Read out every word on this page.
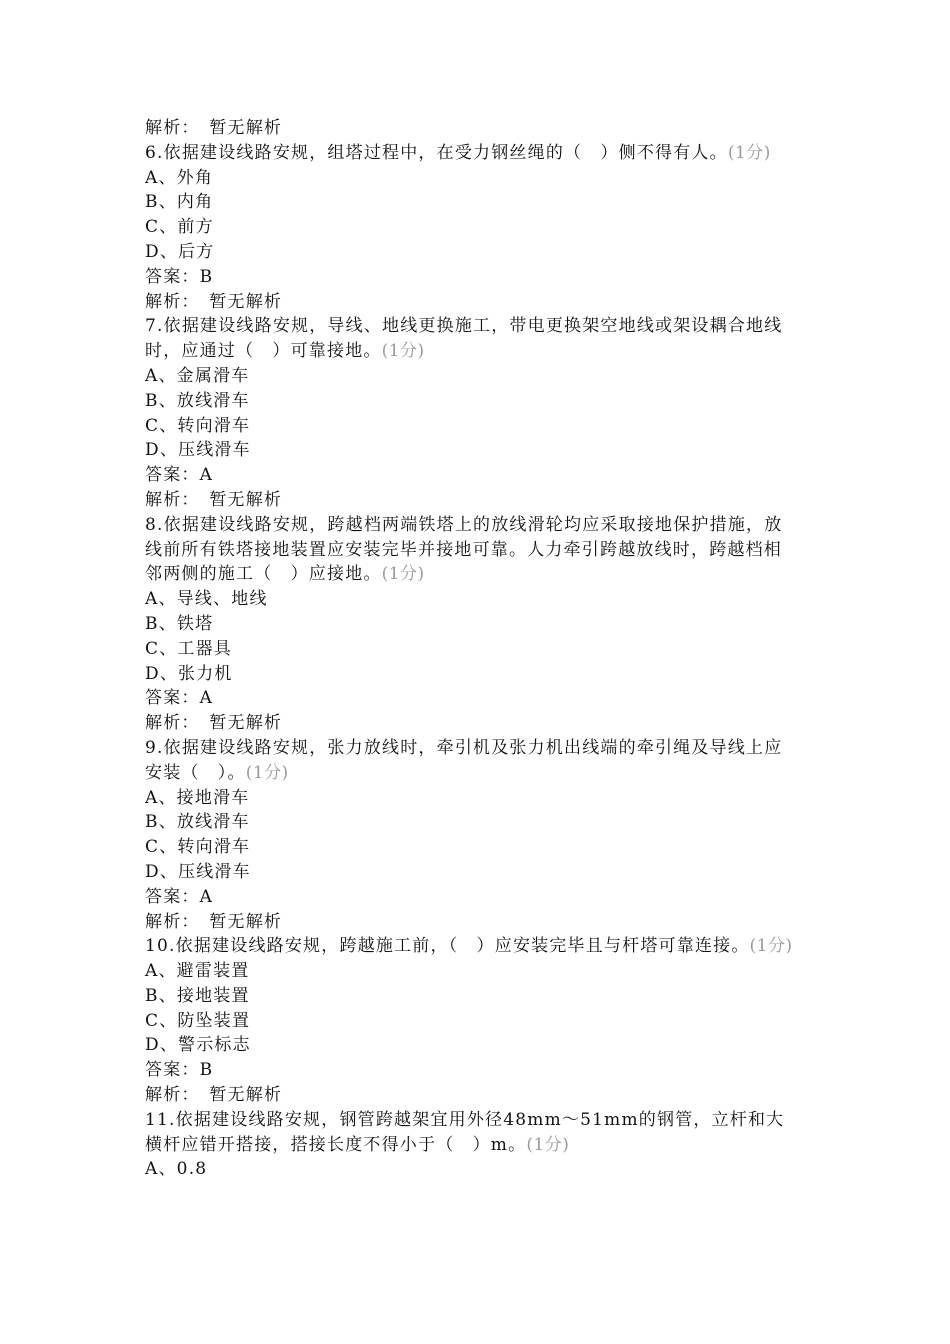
解析：　 暂无解析
6.依据建设线路安规，组塔过程中，在受力钢丝绳的（　）侧不得有人。(1分)
A、外角
B、内角
C、前方
D、后方
答案：B
解析：　 暂无解析
7.依据建设线路安规，导线、地线更换施工，带电更换架空地线或架设耦合地线时，应通过（　）可靠接地。(1分)
A、金属滑车
B、放线滑车
C、转向滑车
D、压线滑车
答案：A
解析：　 暂无解析
8.依据建设线路安规，跨越档两端铁塔上的放线滑轮均应采取接地保护措施，放线前所有铁塔接地装置应安装完毕并接地可靠。人力牵引跨越放线时，跨越档相邻两侧的施工（　）应接地。(1分)
A、导线、地线
B、铁塔
C、工器具
D、张力机
答案：A
解析：　 暂无解析
9.依据建设线路安规，张力放线时，牵引机及张力机出线端的牵引绳及导线上应安装（　）。(1分)
A、接地滑车
B、放线滑车
C、转向滑车
D、压线滑车
答案：A
解析：　 暂无解析
10.依据建设线路安规，跨越施工前，（　）应安装完毕且与杆塔可靠连接。(1分)
A、避雷装置
B、接地装置
C、防坠装置
D、警示标志
答案：B
解析：　 暂无解析
11.依据建设线路安规，钢管跨越架宜用外径48mm～51mm的钢管，立杆和大横杆应错开搭接，搭接长度不得小于（　）m。(1分)
A、0.8
